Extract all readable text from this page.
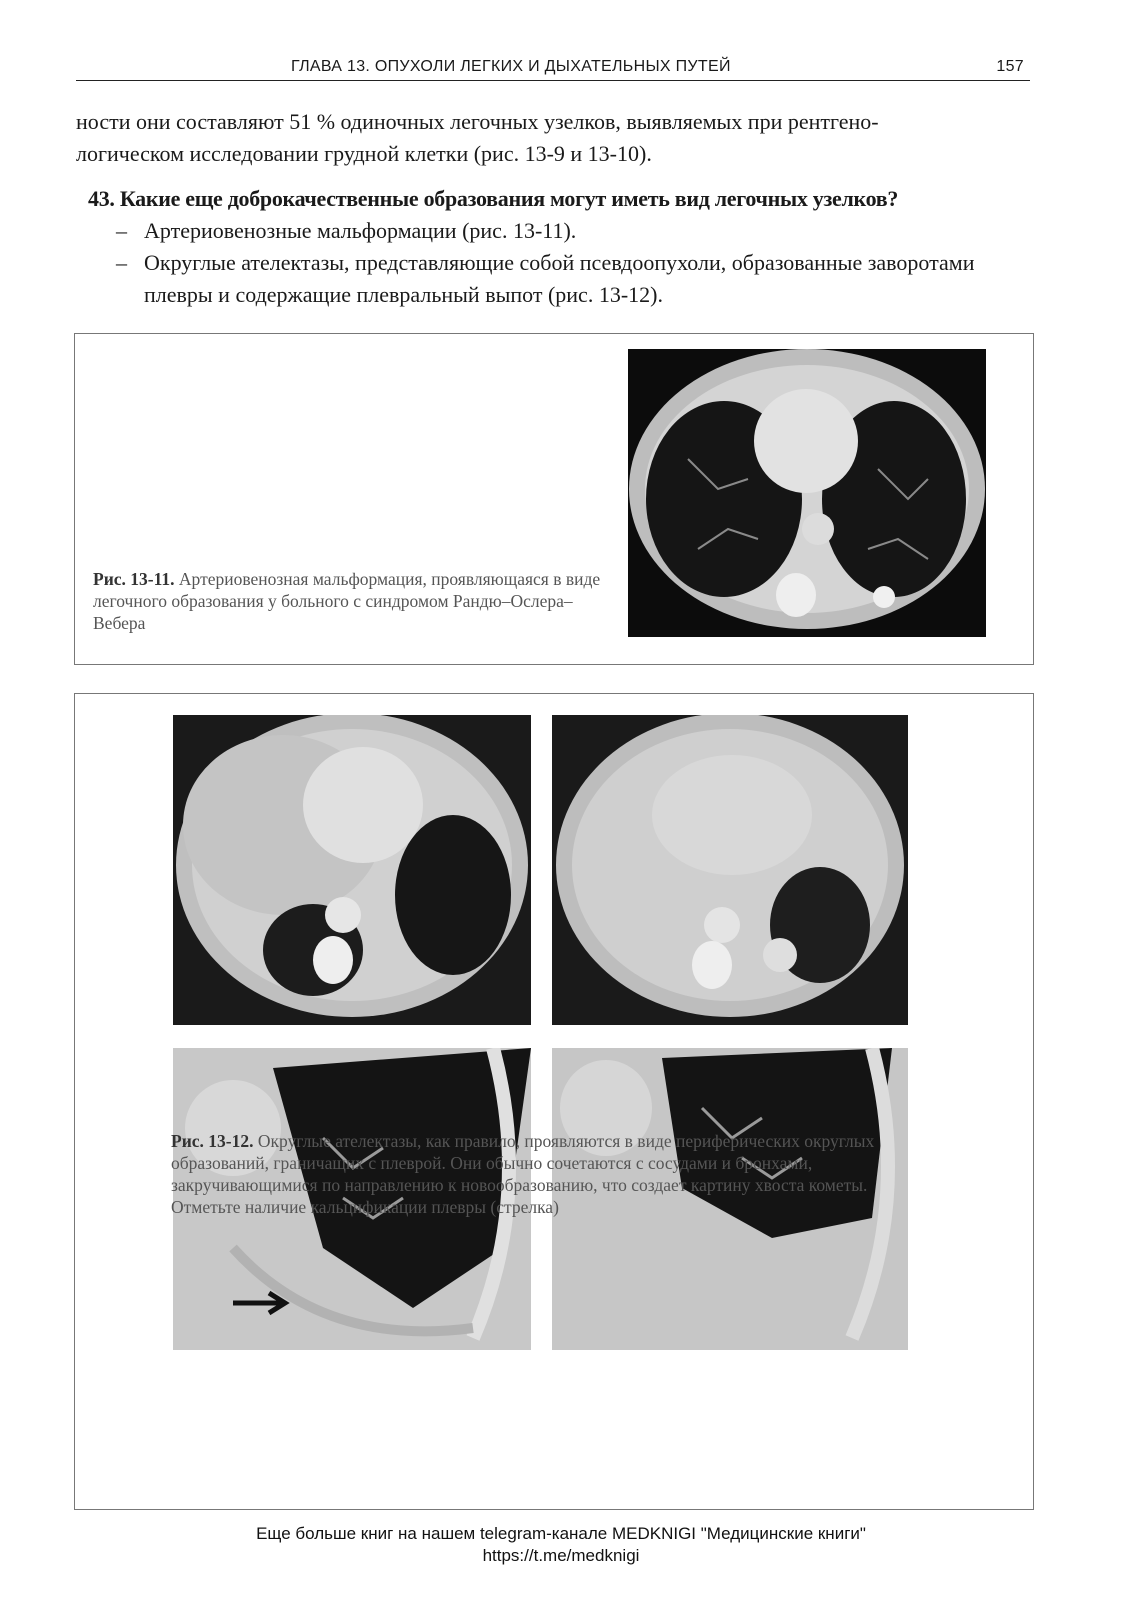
ГЛАВА 13. ОПУХОЛИ ЛЕГКИХ И ДЫХАТЕЛЬНЫХ ПУТЕЙ	157
ности они составляют 51 % одиночных легочных узелков, выявляемых при рентгено-
логическом исследовании грудной клетки (рис. 13-9 и 13-10).
43. Какие еще доброкачественные образования могут иметь вид легочных узелков?
– Артериовенозные мальформации (рис. 13-11).
– Округлые ателектазы, представляющие собой псевдоопухоли, образованные заворотами плевры и содержащие плевральный выпот (рис. 13-12).
Рис. 13-11. Артериовенозная мальформация, проявляющаяся в виде легочного образования у больного с синдромом Рандю–Ослера–Вебера
Рис. 13-12. Округлые ателектазы, как правило, проявляются в виде периферических округлых образований, граничащих с плеврой. Они обычно сочетаются с сосудами и бронхами, закручивающимися по направлению к новообразованию, что создает картину хвоста кометы. Отметьте наличие кальцификации плевры (стрелка)
Еще больше книг на нашем telegram-канале MEDKNIGI "Медицинские книги"
https://t.me/medknigi
